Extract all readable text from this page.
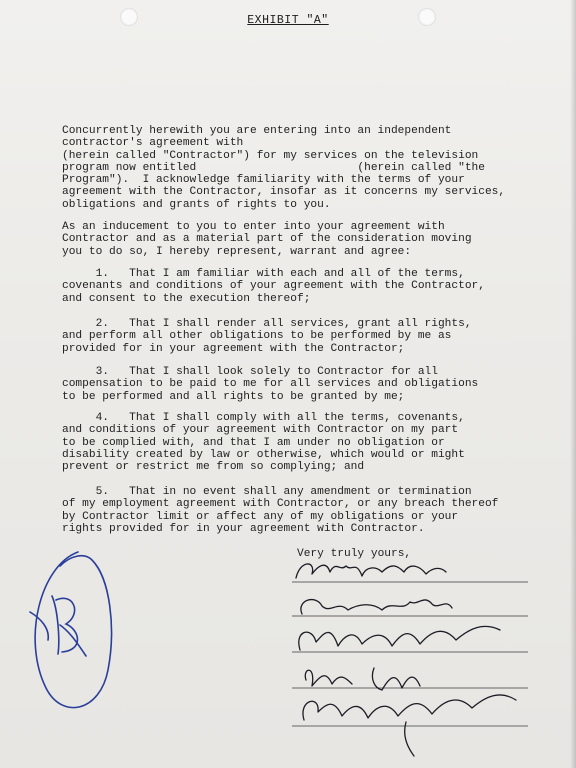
EXHIBIT "A"

Concurrently herewith you are entering into an independent
contractor's agreement with
(herein called "Contractor") for my services on the television
program now entitled                        (herein called "the
Program").  I acknowledge familiarity with the terms of your
agreement with the Contractor, insofar as it concerns my services,
obligations and grants of rights to you.

As an inducement to you to enter into your agreement with
Contractor and as a material part of the consideration moving
you to do so, I hereby represent, warrant and agree:

1.   That I am familiar with each and all of the terms,
covenants and conditions of your agreement with the Contractor,
and consent to the execution thereof;

2.   That I shall render all services, grant all rights,
and perform all other obligations to be performed by me as
provided for in your agreement with the Contractor;

3.   That I shall look solely to Contractor for all
compensation to be paid to me for all services and obligations
to be performed and all rights to be granted by me;

4.   That I shall comply with all the terms, covenants,
and conditions of your agreement with Contractor on my part
to be complied with, and that I am under no obligation or
disability created by law or otherwise, which would or might
prevent or restrict me from so complying; and

5.   That in no event shall any amendment or termination
of my employment agreement with Contractor, or any breach thereof
by Contractor limit or affect any of my obligations or your
rights provided for in your agreement with Contractor.

Very truly yours,
